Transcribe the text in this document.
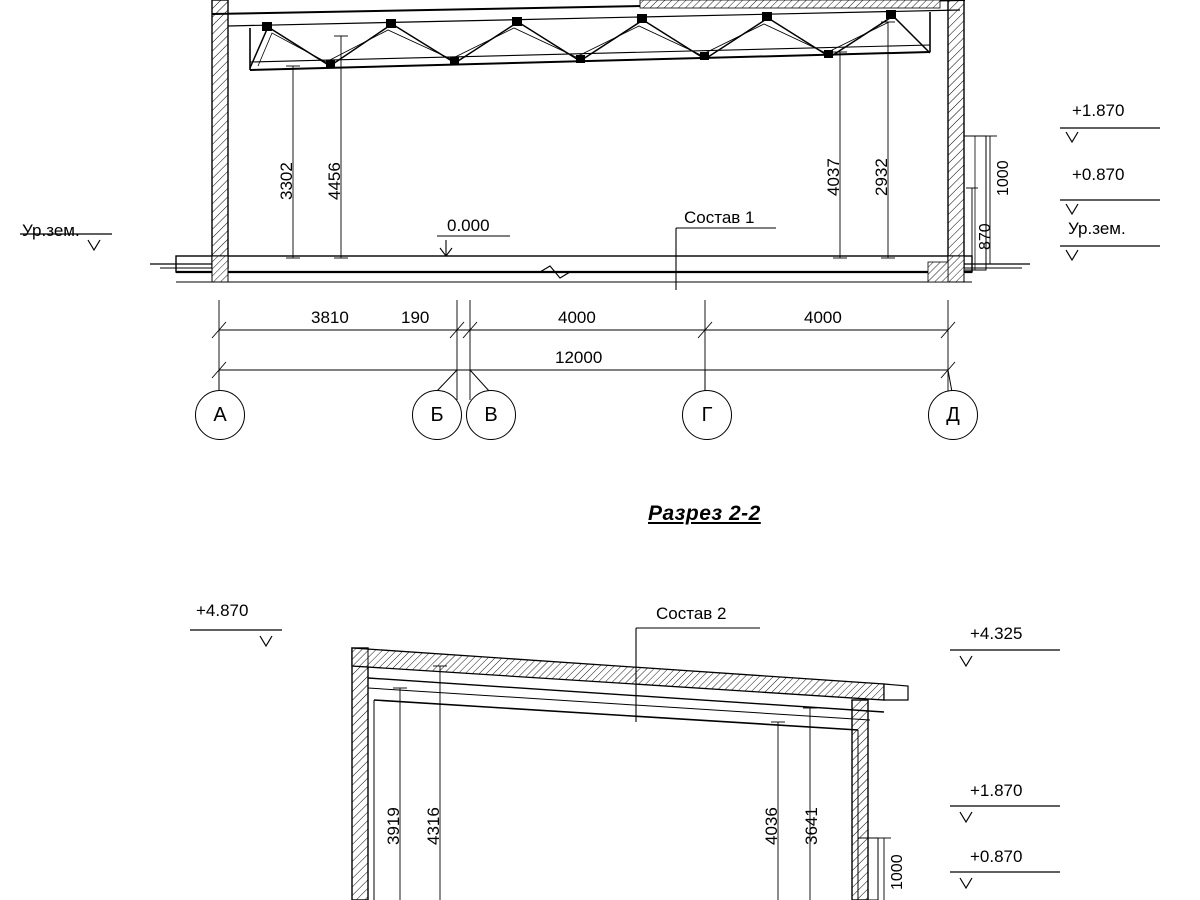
3302 4456	4037 2932	1000
870
0.000	Состав 1
3810	190	4000	4000
12000
Ур.зем.
+1.870
+0.870
Ур.зем.
А	Б	В	Г	Д
Разрез 2-2
+4.870	Состав 2
+4.325
+1.870
+0.870
3919 4316	4036 3641
1000
